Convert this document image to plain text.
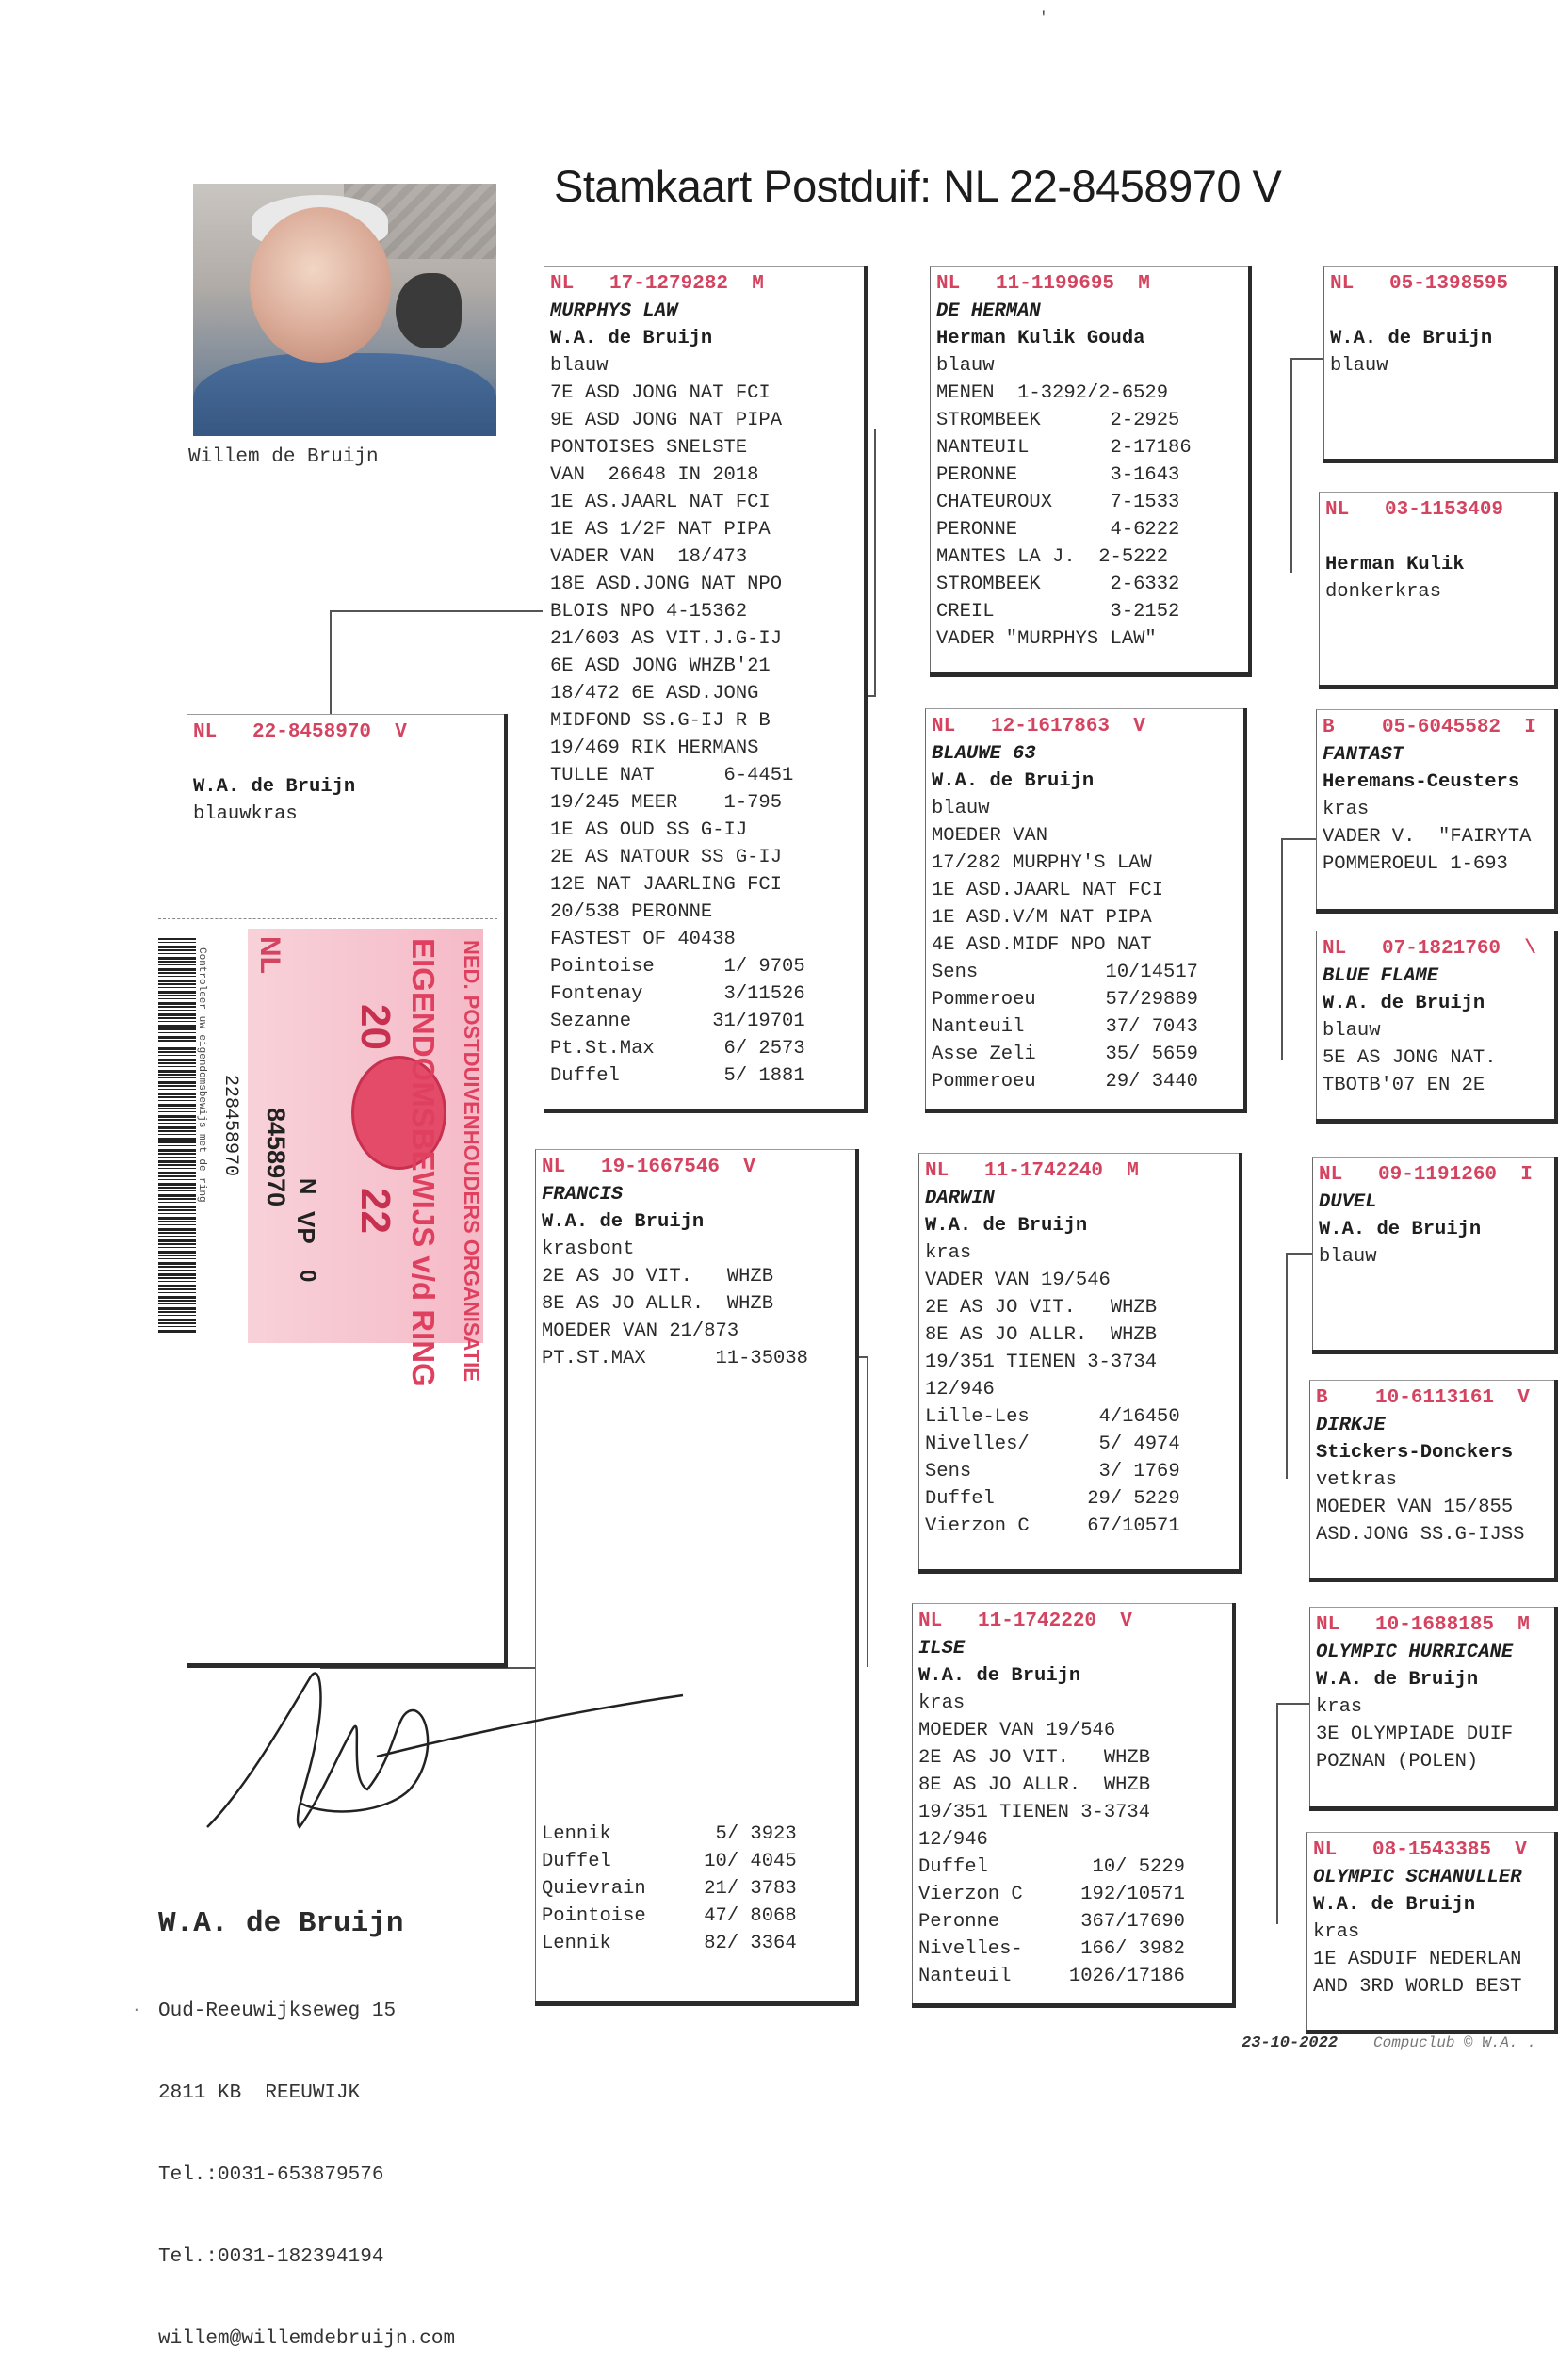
'
Stamkaart Postduif: NL 22-8458970 V
Willem de Bruijn
NL   22-8458970  V

W.A. de Bruijn
blauwkras
228458970
Controleer uw eigendomsbewijs met de ring NL
8458970
VP
0
N
20
22 EIGENDOMSBEWIJS v/d RING NED. POSTDUIVENHOUDERS ORGANISATIE
NL   17-1279282  M
MURPHYS LAW
W.A. de Bruijn
blauw
7E ASD JONG NAT FCI
9E ASD JONG NAT PIPA
PONTOISES SNELSTE
VAN  26648 IN 2018
1E AS.JAARL NAT FCI
1E AS 1/2F NAT PIPA
VADER VAN  18/473
18E ASD.JONG NAT NPO
BLOIS NPO 4-15362
21/603 AS VIT.J.G-IJ
6E ASD JONG WHZB'21
18/472 6E ASD.JONG
MIDFOND SS.G-IJ R B
19/469 RIK HERMANS
TULLE NAT      6-4451
19/245 MEER    1-795
1E AS OUD SS G-IJ
2E AS NATOUR SS G-IJ
12E NAT JAARLING FCI
20/538 PERONNE
FASTEST OF 40438
Pointoise      1/ 9705
Fontenay       3/11526
Sezanne       31/19701
Pt.St.Max      6/ 2573
Duffel         5/ 1881
NL   19-1667546  V
FRANCIS
W.A. de Bruijn
krasbont
2E AS JO VIT.   WHZB
8E AS JO ALLR.  WHZB
MOEDER VAN 21/873
PT.ST.MAX      11-35038
Lennik         5/ 3923
Duffel        10/ 4045
Quievrain     21/ 3783
Pointoise     47/ 8068
Lennik        82/ 3364
NL   11-1199695  M
DE HERMAN
Herman Kulik Gouda
blauw
MENEN  1-3292/2-6529
STROMBEEK      2-2925
NANTEUIL       2-17186
PERONNE        3-1643
CHATEUROUX     7-1533
PERONNE        4-6222
MANTES LA J.  2-5222
STROMBEEK      2-6332
CREIL          3-2152
VADER "MURPHYS LAW"
NL   12-1617863  V
BLAUWE 63
W.A. de Bruijn
blauw
MOEDER VAN
17/282 MURPHY'S LAW
1E ASD.JAARL NAT FCI
1E ASD.V/M NAT PIPA
4E ASD.MIDF NPO NAT
Sens           10/14517
Pommeroeu      57/29889
Nanteuil       37/ 7043
Asse Zeli      35/ 5659
Pommeroeu      29/ 3440
NL   11-1742240  M
DARWIN
W.A. de Bruijn
kras
VADER VAN 19/546
2E AS JO VIT.   WHZB
8E AS JO ALLR.  WHZB
19/351 TIENEN 3-3734
12/946
Lille-Les      4/16450
Nivelles/      5/ 4974
Sens           3/ 1769
Duffel        29/ 5229
Vierzon C     67/10571
NL   11-1742220  V
ILSE
W.A. de Bruijn
kras
MOEDER VAN 19/546
2E AS JO VIT.   WHZB
8E AS JO ALLR.  WHZB
19/351 TIENEN 3-3734
12/946
Duffel         10/ 5229
Vierzon C     192/10571
Peronne       367/17690
Nivelles-     166/ 3982
Nanteuil     1026/17186
NL   05-1398595

W.A. de Bruijn
blauw
NL   03-1153409

Herman Kulik
donkerkras
B    05-6045582  I
FANTAST
Heremans-Ceusters
kras
VADER V.  "FAIRYTA
POMMEROEUL 1-693
NL   07-1821760  \
BLUE FLAME
W.A. de Bruijn
blauw
5E AS JONG NAT.
TBOTB'07 EN 2E
NL   09-1191260  I
DUVEL
W.A. de Bruijn
blauw
B    10-6113161  V
DIRKJE
Stickers-Donckers
vetkras
MOEDER VAN 15/855
ASD.JONG SS.G-IJSS
NL   10-1688185  M
OLYMPIC HURRICANE
W.A. de Bruijn
kras
3E OLYMPIADE DUIF
POZNAN (POLEN)
NL   08-1543385  V
OLYMPIC SCHANULLER
W.A. de Bruijn
kras
1E ASDUIF NEDERLAN
AND 3RD WORLD BEST

W.A. de Bruijn

Oud-Reeuwijkseweg 15

2811 KB  REEUWIJK

Tel.:0031-653879576

Tel.:0031-182394194

willem@willemdebruijn.com

·
23-10-2022 Compuclub © W.A. .
